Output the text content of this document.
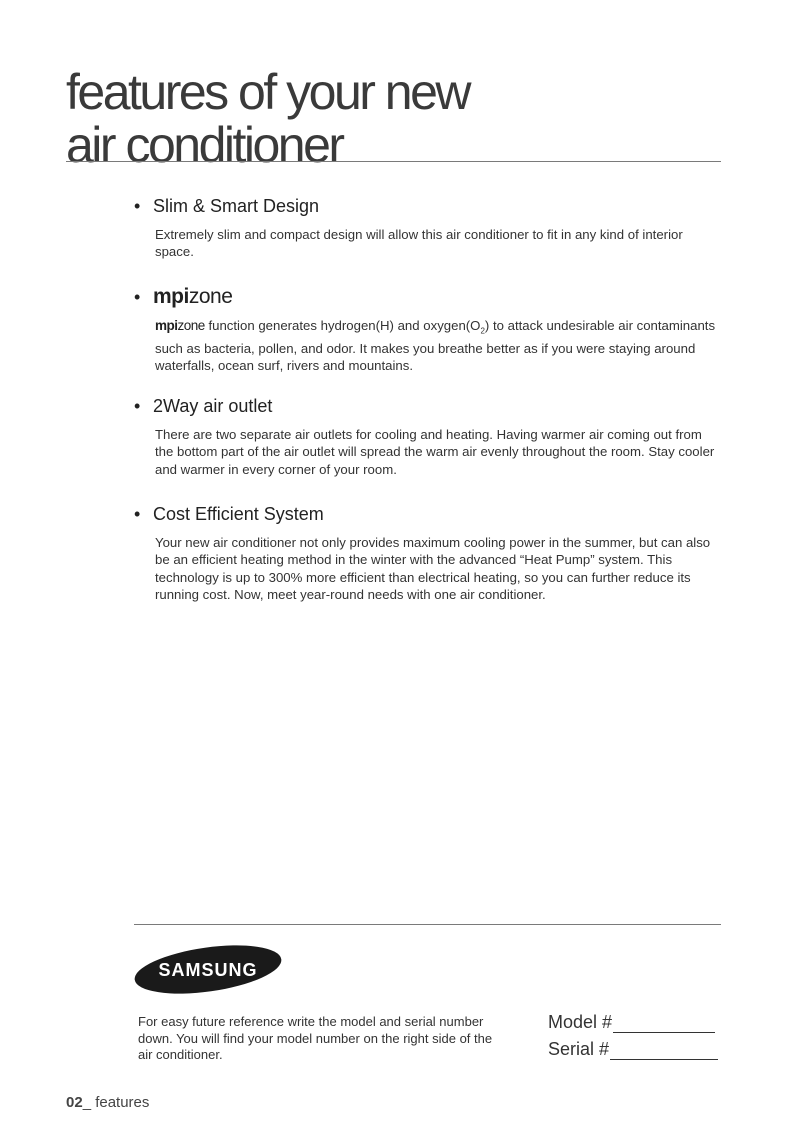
features of your new
air conditioner
• Slim & Smart Design
Extremely slim and compact design will allow this air conditioner to fit in any kind of interior space.
• mpizone
mpizone function generates hydrogen(H) and $oxygen(O_2)$ to attack undesirable air contaminants such as bacteria, pollen, and odor. It makes you breathe better as if you were staying around waterfalls, ocean surf, rivers and mountains.
• 2Way air outlet
There are two separate air outlets for cooling and heating. Having warmer air coming out from the bottom part of the air outlet will spread the warm air evenly throughout the room. Stay cooler and warmer in every corner of your room.
• Cost Efficient System
Your new air conditioner not only provides maximum cooling power in the summer, but can also be an efficient heating method in the winter with the advanced “Heat Pump” system. This technology is up to 300% more efficient than electrical heating, so you can further reduce its running cost. Now, meet year-round needs with one air conditioner.
SAMSUNG
For easy future reference write the model and serial number down. You will find your model number on the right side of the air conditioner.
Model #
Serial #
02_ features
